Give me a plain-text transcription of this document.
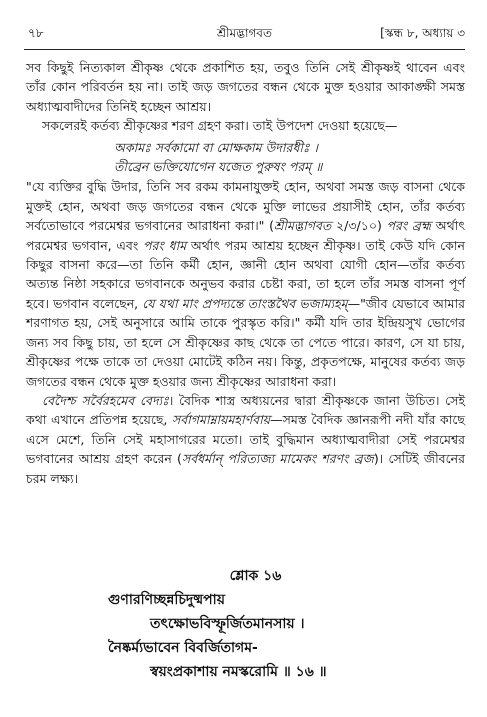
৭৮	শ্রীমদ্ভাগবত	[স্কন্ধ ৮, অধ্যায় ৩

সব কিছুই নিত্যকাল শ্রীকৃষ্ণ থেকে প্রকাশিত হয়, তবুও তিনি সেই শ্রীকৃষ্ণই থাবেন এবং তাঁর কোন পরিবর্তন হয় না। তাই জড় জগতের বন্ধন থেকে মুক্ত হওয়ার আকাঙ্ক্ষী সমস্ত অধ্যাত্মবাদীদের তিনিই হচ্ছেন আশ্রয়।

সকলেরই কর্তব্য শ্রীকৃষ্ণের শরণ গ্রহণ করা। তাই উপদেশ দেওয়া হয়েছে—

অকামঃ সর্বকামো বা মোক্ষকাম উদারধীঃ ।
তীব্রেন ভক্তিযোগেন যজেত পুরুষং পরম্ ॥

"যে ব্যক্তির বুদ্ধি উদার, তিনি সব রকম কামনাযুক্তই হোন, অথবা সমস্ত জড় বাসনা থেকে মুক্তই হোন, অথবা জড় জগতের বন্ধন থেকে মুক্তি লাভের প্রয়াসীই হোন, তাঁর কর্তব্য সর্বতোভাবে পরমেশ্বর ভগবানের আরাধনা করা।" (শ্রীমদ্ভাগবত ২/৩/১০) পরং ব্রহ্ম অর্থাৎ পরমেশ্বর ভগবান, এবং পরং ধাম অর্থাৎ পরম আশ্রয় হচ্ছেন শ্রীকৃষ্ণ। তাই কেউ যদি কোন কিছুর বাসনা করে—তা তিনি কর্মী হোন, জ্ঞানী হোন অথবা যোগী হোন—তাঁর কর্তব্য অত্যন্ত নিষ্ঠা সহকারে ভগবানকে অনুভব করার চেষ্টা করা, তা হলে তাঁর সমস্ত বাসনা পূর্ণ হবে। ভগবান বলেছেন, যে যথা মাং প্রপদ্যন্তে তাংস্তথৈব ভজাম্যহম্—"জীব যেভাবে আমার শরণাগত হয়, সেই অনুসারে আমি তাকে পুরস্কৃত করি।" কর্মী যদি তার ইন্দ্রিয়সুখ ভোগের জন্য সব কিছু চায়, তা হলে সে শ্রীকৃষ্ণের কাছ থেকে তা পেতে পারে। কারণ, সে যা চায়, শ্রীকৃষ্ণের পক্ষে তাকে তা দেওয়া মোটেই কঠিন নয়। কিন্তু, প্রকৃতপক্ষে, মানুষের কর্তব্য জড় জগতের বন্ধন থেকে মুক্ত হওয়ার জন্য শ্রীকৃষ্ণের আরাধনা করা।

বেদৈশ্চ সর্বৈরহমেব বেদ্যঃ। বৈদিক শাস্ত্র অধ্যয়নের দ্বারা শ্রীকৃষ্ণকে জানা উচিত। সেই কথা এখানে প্রতিপন্ন হয়েছে, সর্বাগমাম্নায়মহার্ণবায়—সমস্ত বৈদিক জ্ঞানরূপী নদী যাঁর কাছে এসে মেশে, তিনি সেই মহাসাগরের মতো। তাই বুদ্ধিমান অধ্যাত্মবাদীরা সেই পরমেশ্বর ভগবানের আশ্রয় গ্রহণ করেন (সর্বধর্মান্ পরিত্যজ্য মামেকং শরণং ব্রজ)। সেটিই জীবনের চরম লক্ষ্য।

শ্লোক ১৬
গুণারণিচ্ছন্নচিদুষ্মপায়
তৎক্ষোভবিস্ফূর্জিতমানসায় ।
নৈষ্কর্ম্যভাবেন বিবর্জিতাগম-
স্বয়ংপ্রকাশায় নমস্করোমি ॥ ১৬ ॥
